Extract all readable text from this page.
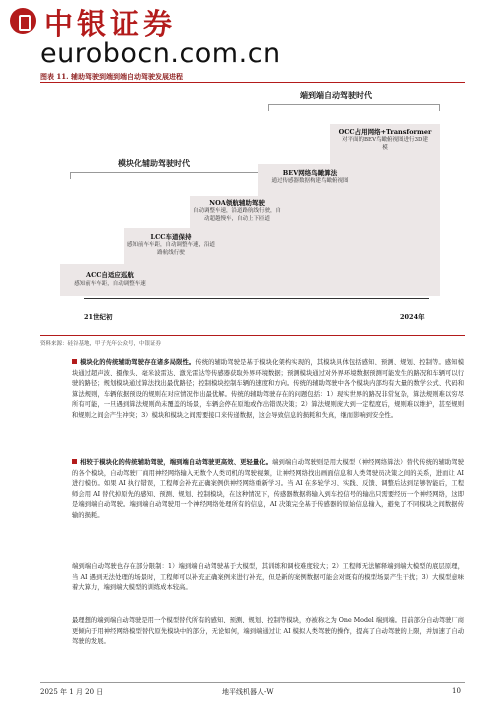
中银证券
eurobocn.com.cn
图表 11. 辅助驾驶到端到端自动驾驶发展进程
端到端自动驾驶时代
模块化辅助驾驶时代
ACC自适应巡航
感知前车车距，自动调整车速
LCC车道保持
感知前车车距，自动调整车速，沿道路航线行驶
NOA领航辅助驾驶
自动调整车速，沿道路航线行驶，自动超越慢车，自动上下匝道
BEV网络鸟瞰算法
通过传感器数据构建鸟瞰俯视图
OCC占用网络+Transformer
对平面的BEV鸟瞰俯视图进行3D建模
21世纪初	2024年
资料来源：硅谷基地，甲子光年公众号，中银证券
模块化的传统辅助驾驶存在诸多局限性。传统的辅助驾驶是基于模块化架构实现的，其模块具体包括感知、预测、规划、控制等。感知模块通过超声波、摄像头、毫米波雷达、激光雷达等传感器获取外界环境数据；预测模块通过对外界环境数据预测可能发生的路况和车辆可以行驶的路径；规划模块通过算法找出最优路径；控制模块控制车辆的速度和方向。传统的辅助驾驶中各个模块内部均有大量的数学公式、代码和算法规则，车辆依据预设的规则在对应情况作出最优解。传统的辅助驾驶存在的问题包括：1）现实世界的路况非常复杂，算法规则难以穷尽所有可能，一旦遇到算法规则尚未覆盖的场景，车辆会停在原地或作出错误决策；2）算法规则庞大到一定程度后，规则难以维护，甚至规则和规则之间会产生冲突；3）模块和模块之间需要接口来传递数据，这会导致信息的损耗和失真，继而影响到安全性。
相较于模块化的传统辅助驾驶，端到端自动驾驶更高效、更轻量化。端到端自动驾驶则是用大模型（神经网络算法）替代传统的辅助驾驶的各个模块，自动驾驶厂商用神经网络输入无数个人类司机的驾驶视频，让神经网络找出画面信息和人类驾驶员决策之间的关系，进而让 AI 进行模仿。如果 AI 执行错误，工程师会补充正确案例供神经网络重新学习。当 AI 在多轮学习、实践、反馈、调整后达到足够智能后，工程师会用 AI 替代掉原先的感知、预测、规划、控制模块，在这种情况下，传感器数据将输入到车控信号的输出只需要经历一个神经网络，这即是端到端自动驾驶。端到端自动驾驶用一个神经网络处理所有的信息，AI 决策完全基于传感器的原始信息输入，避免了不同模块之间数据传输的损耗。
端到端自动驾驶也存在部分限制：1）端到端自动驾驶基于大模型，其训练和调校难度较大；2）工程师无法解释端到端大模型的底层原理，当 AI 遇到无法处理的场景时，工程师可以补充正确案例来进行补充，但是新的案例数据可能会对既有的模型场景产生干扰；3）大模型意味着大算力，端到端大模型的训练成本较高。
最理想的端到端自动驾驶是用一个模型替代所有的感知、预测、规划、控制等模块，亦被称之为 One Model 端到端。目前部分自动驾驶厂商更倾向于用神经网络模型替代原先模块中的部分，无论如何，端到端通过让 AI 模拟人类驾驶的操作，提高了自动驾驶的上限，并加速了自动驾驶的发展。
2025 年 1 月 20 日	地平线机器人-W	10
